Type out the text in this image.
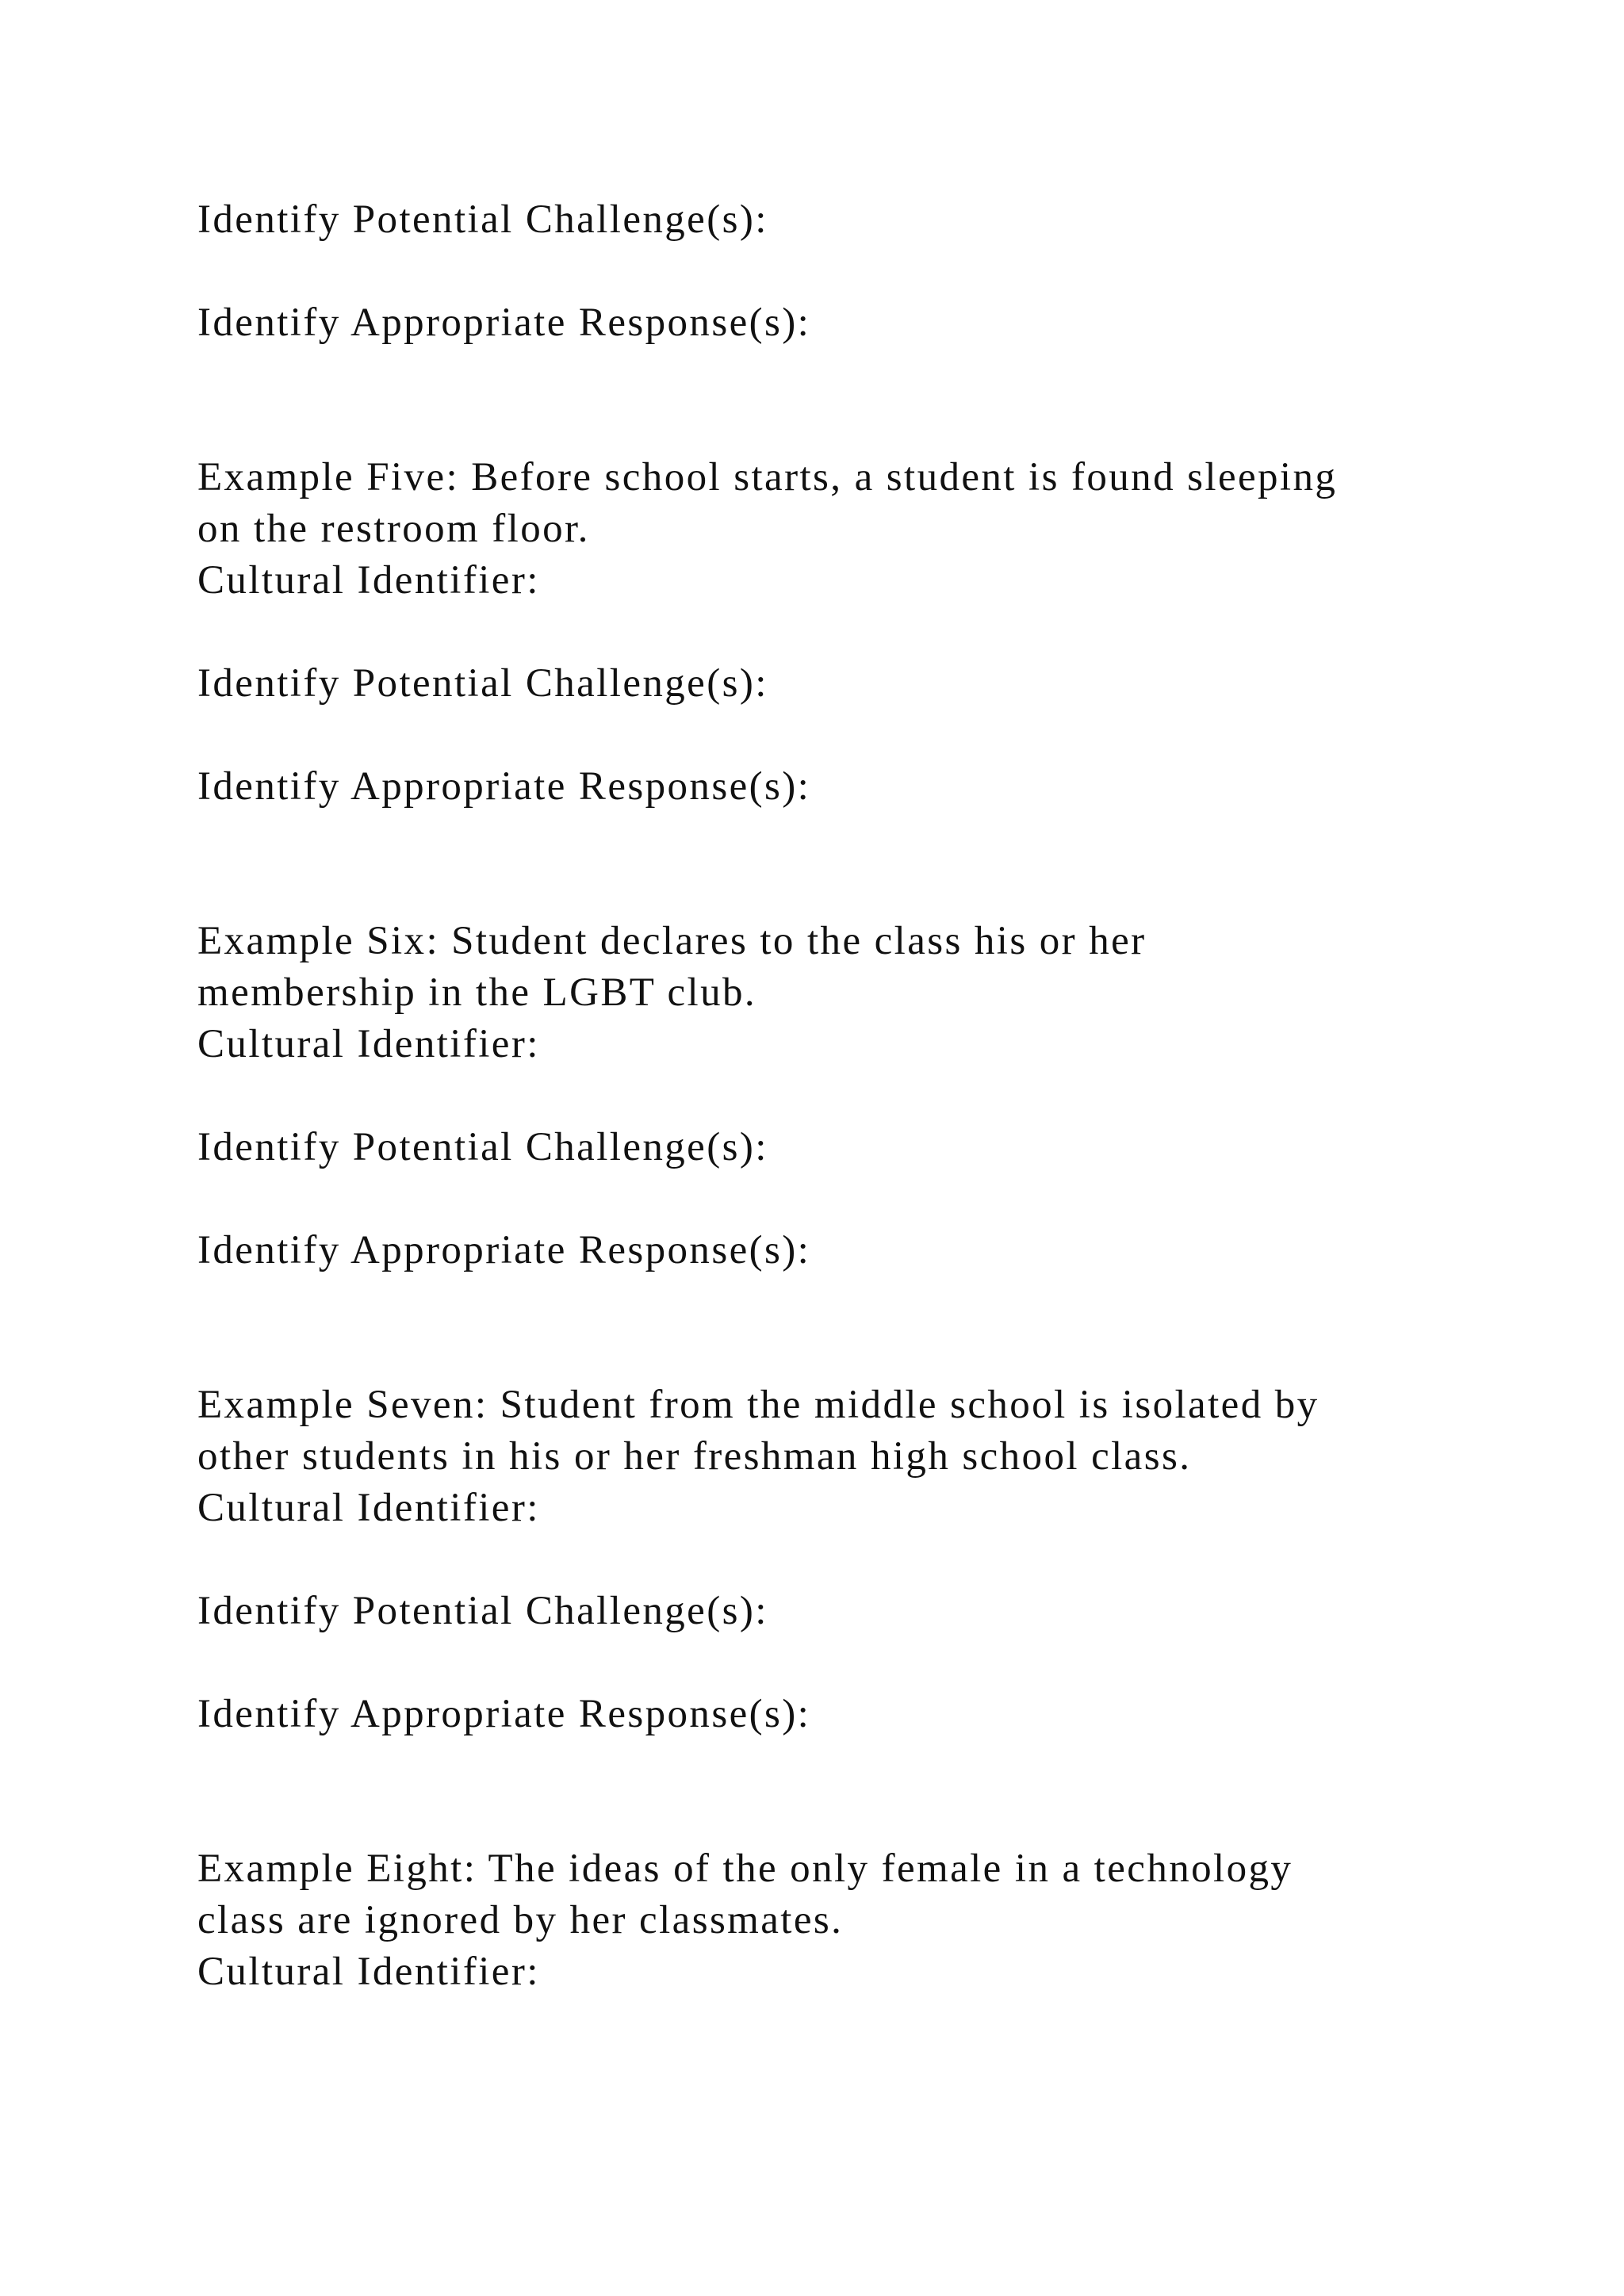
Identify Potential Challenge(s):

Identify Appropriate Response(s):

Example Five: Before school starts, a student is found sleeping

on the restroom floor.

Cultural Identifier:

Identify Potential Challenge(s):

Identify Appropriate Response(s):

Example Six: Student declares to the class his or her

membership in the LGBT club.

Cultural Identifier:

Identify Potential Challenge(s):

Identify Appropriate Response(s):

Example Seven: Student from the middle school is isolated by

other students in his or her freshman high school class.

Cultural Identifier:

Identify Potential Challenge(s):

Identify Appropriate Response(s):

Example Eight: The ideas of the only female in a technology

class are ignored by her classmates.

Cultural Identifier:
